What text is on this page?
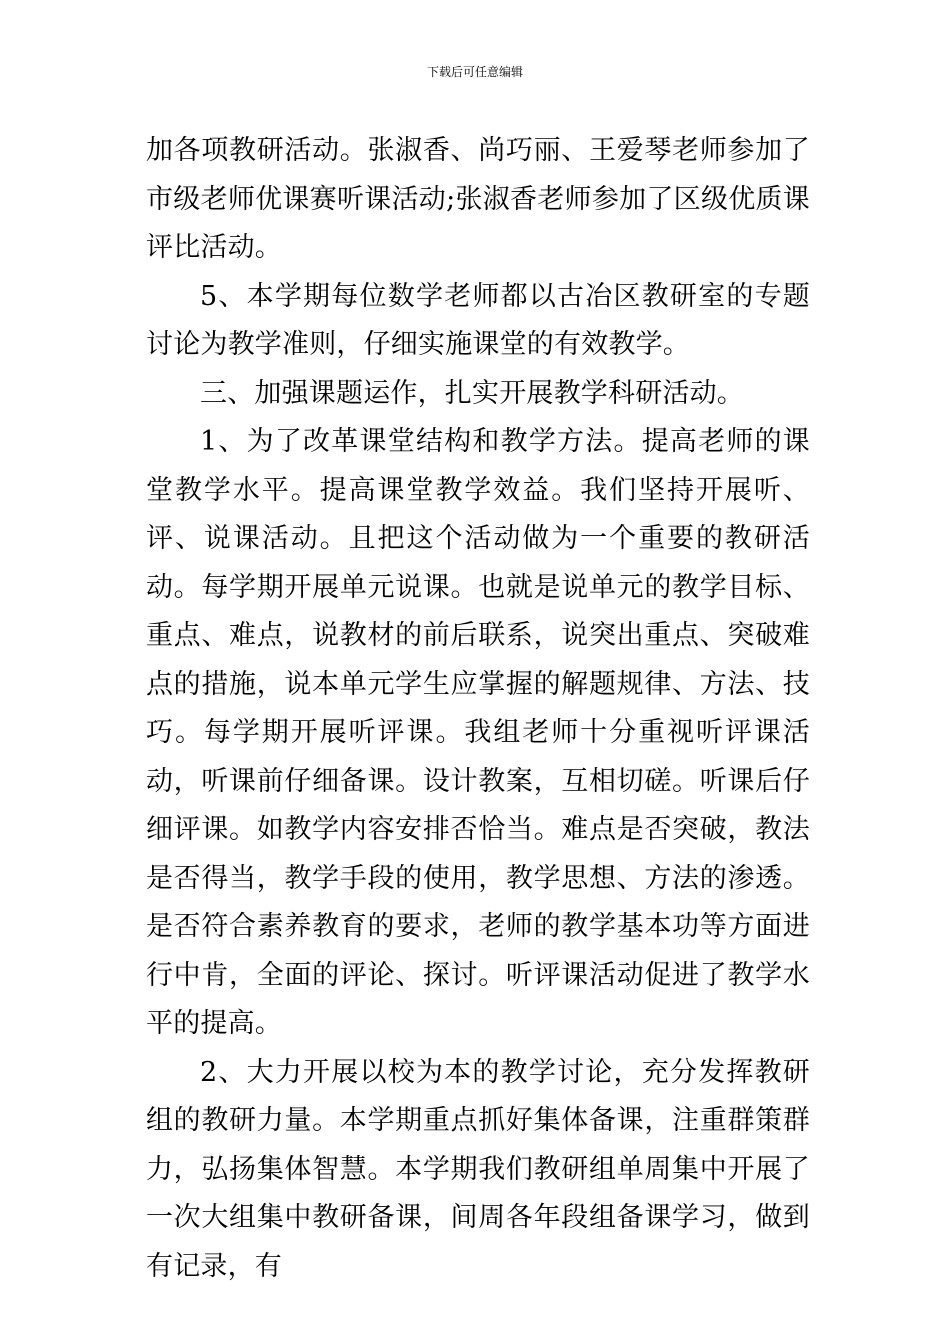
下载后可任意编辑

加各项教研活动。张淑香、尚巧丽、王爱琴老师参加了市级老师优课赛听课活动;张淑香老师参加了区级优质课评比活动。

5、本学期每位数学老师都以古冶区教研室的专题讨论为教学准则，仔细实施课堂的有效教学。

三、加强课题运作，扎实开展教学科研活动。

1、为了改革课堂结构和教学方法。提高老师的课堂教学水平。提高课堂教学效益。我们坚持开展听、评、说课活动。且把这个活动做为一个重要的教研活动。每学期开展单元说课。也就是说单元的教学目标、重点、难点，说教材的前后联系，说突出重点、突破难点的措施，说本单元学生应掌握的解题规律、方法、技巧。每学期开展听评课。我组老师十分重视听评课活动，听课前仔细备课。设计教案，互相切磋。听课后仔细评课。如教学内容安排否恰当。难点是否突破，教法是否得当，教学手段的使用，教学思想、方法的渗透。是否符合素养教育的要求，老师的教学基本功等方面进行中肯，全面的评论、探讨。听评课活动促进了教学水平的提高。

2、大力开展以校为本的教学讨论，充分发挥教研组的教研力量。本学期重点抓好集体备课，注重群策群力，弘扬集体智慧。本学期我们教研组单周集中开展了一次大组集中教研备课，间周各年段组备课学习，做到有记录，有
